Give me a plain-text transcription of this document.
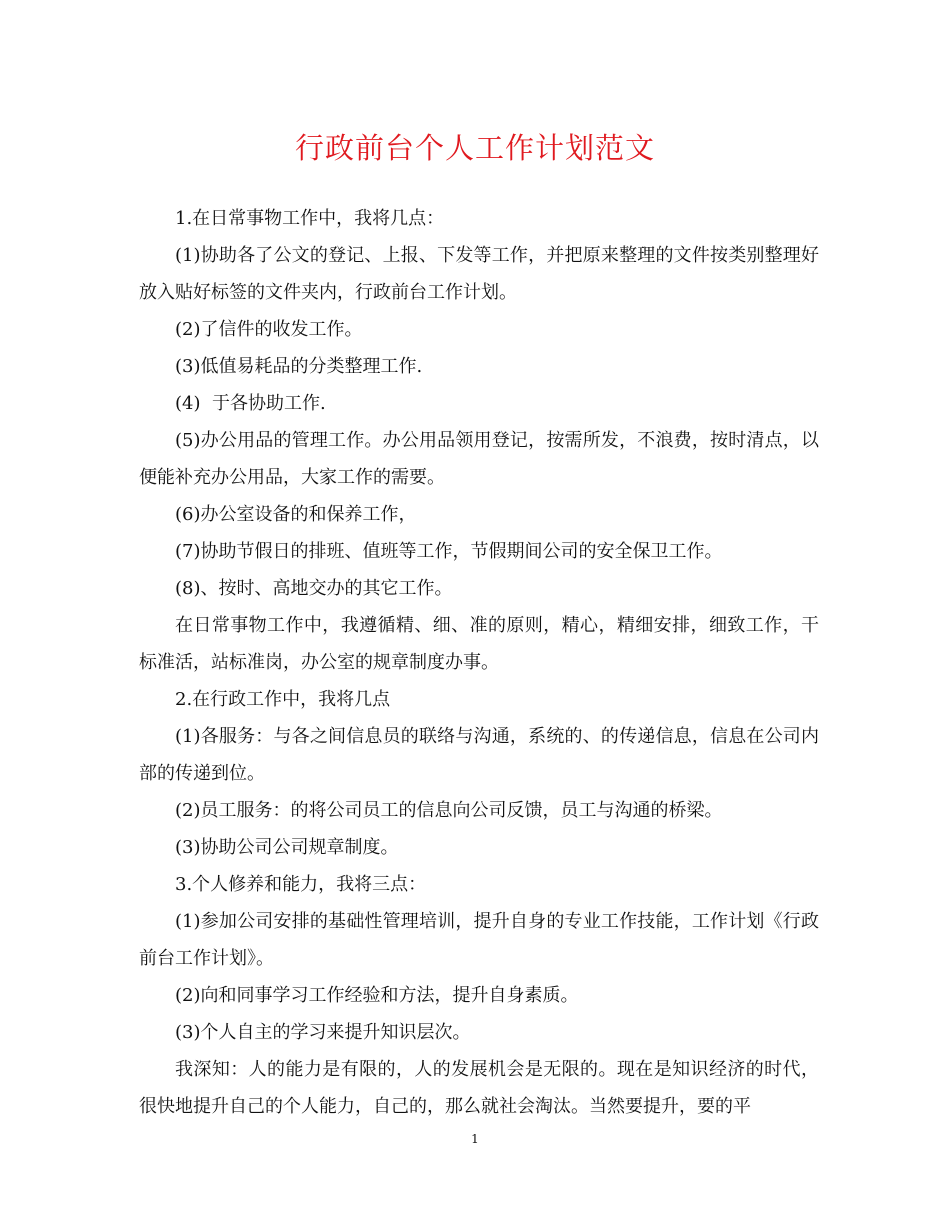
行政前台个人工作计划范文

1.在日常事物工作中，我将几点：

(1)协助各了公文的登记、上报、下发等工作，并把原来整理的文件按类别整理好放入贴好标签的文件夹内，行政前台工作计划。

(2)了信件的收发工作。

(3)低值易耗品的分类整理工作.

(4)  于各协助工作.

(5)办公用品的管理工作。办公用品领用登记，按需所发，不浪费，按时清点，以便能补充办公用品，大家工作的需要。

(6)办公室设备的和保养工作，

(7)协助节假日的排班、值班等工作，节假期间公司的安全保卫工作。

(8)、按时、高地交办的其它工作。

在日常事物工作中，我遵循精、细、准的原则，精心，精细安排，细致工作，干标准活，站标准岗，办公室的规章制度办事。

2.在行政工作中，我将几点

(1)各服务：与各之间信息员的联络与沟通，系统的、的传递信息，信息在公司内部的传递到位。

(2)员工服务：的将公司员工的信息向公司反馈，员工与沟通的桥梁。

(3)协助公司公司规章制度。

3.个人修养和能力，我将三点：

(1)参加公司安排的基础性管理培训，提升自身的专业工作技能，工作计划《行政前台工作计划》。

(2)向和同事学习工作经验和方法，提升自身素质。

(3)个人自主的学习来提升知识层次。

我深知：人的能力是有限的，人的发展机会是无限的。现在是知识经济的时代，很快地提升自己的个人能力，自己的，那么就社会淘汰。当然要提升，要的平

1
